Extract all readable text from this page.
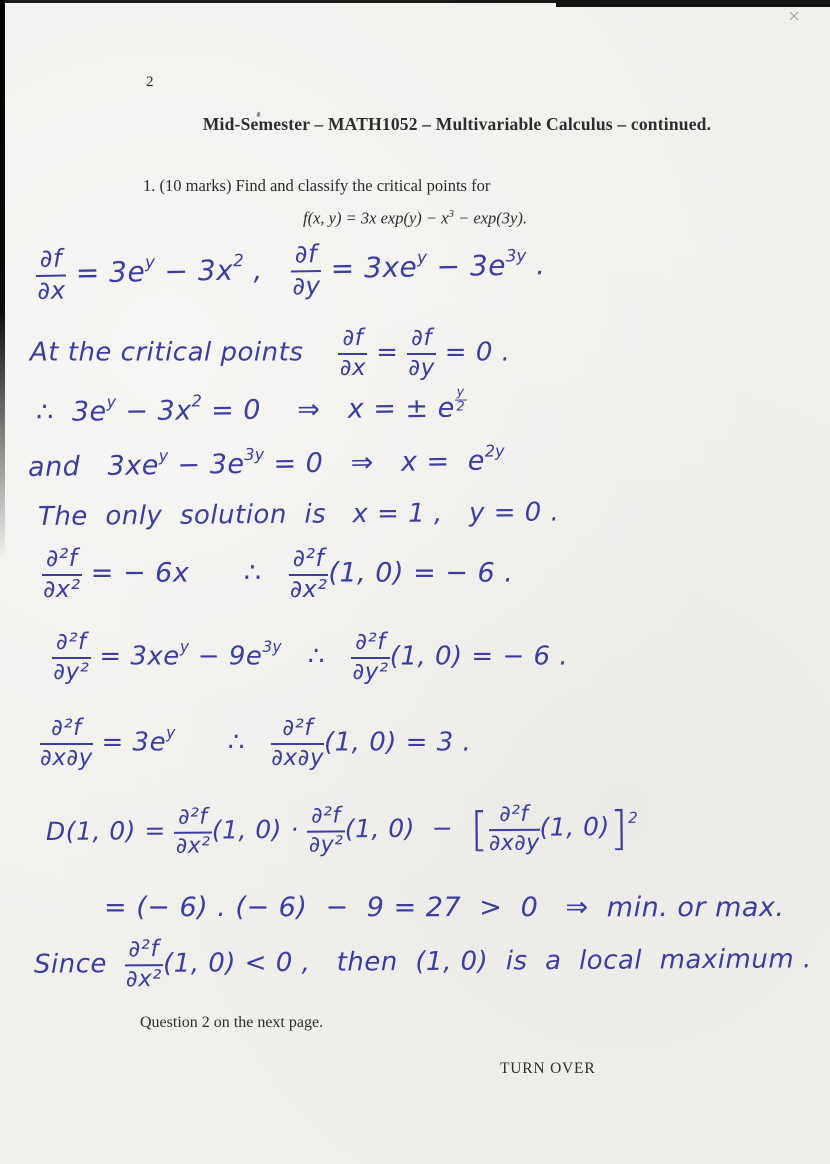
2
Mid-Semester – MATH1052 – Multivariable Calculus – continued.
1. (10 marks) Find and classify the critical points for
f(x, y) = 3x $\exp(y) - x^3 - \exp(3y)$.
Question 2 on the next page.
TURN OVER
$\frac{\partial f}{\partial x} = 3e^y - 3x^2$ , $\frac{\partial f}{\partial y} = 3xe^y - 3e^{3y}$ .
At the critical points $\frac{\partial f}{\partial x} = \frac{\partial f}{\partial y} = 0$ .
∴  $3e^y - 3x^2 = 0$    ⇒   x = ± e $\frac{y}{2}$
and   $3xe^y - 3e^{3y} = 0$   ⇒   $x = e^{2y}$
The  only  solution  is   x = 1 ,   y = 0 .
$\frac{\text{∂²f}}{\text{∂x²}}$ = − 6x      ∴ $\frac{\text{∂²f}}{\text{∂x²}} (1$, 0) = − 6 .
$\frac{\text{∂²f}}{\text{∂y²}} = 3xe^y - 9e^{3y}$   ∴ $\frac{\text{∂²f}}{\text{∂y²}} (1$, 0) = − 6 .
$\frac{\text{∂²f}}{\partial x\partial y} = 3e^y$      ∴ $\frac{\text{∂²f}}{\partial x\partial y} (1$, 0) = 3 .
D(1, $0) = \frac{\text{∂²f}}{\text{∂x²}} (1$, $0) \cdot \frac{\text{∂²f}}{\text{∂y²}} (1$, 0)  −  [ $\frac{\text{∂²f}}{\partial x\partial y} (1$, 0)]$^2$
= (− 6) . (− 6)  −  9 = 27  >  0   ⇒  min. or max.
Since $\frac{\text{∂²f}}{\text{∂x²}} (1$, 0) < 0 ,   then  (1, 0)  is  a  local  maximum .
